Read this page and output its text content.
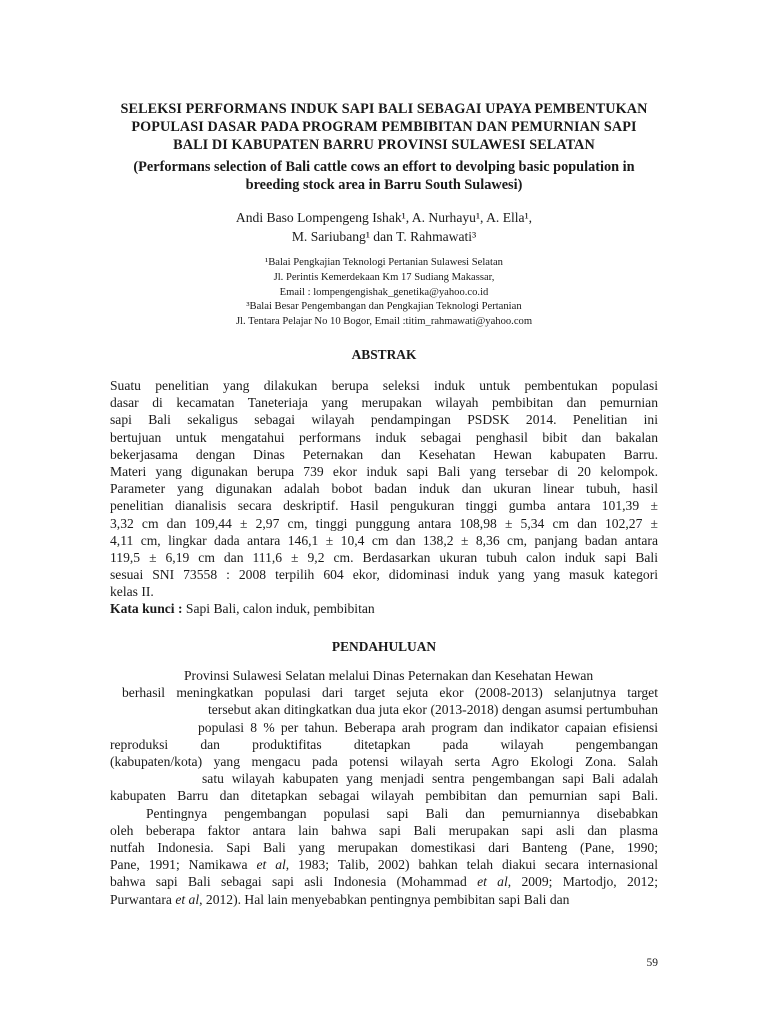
SELEKSI PERFORMANS INDUK SAPI BALI SEBAGAI UPAYA PEMBENTUKAN
POPULASI DASAR PADA PROGRAM PEMBIBITAN DAN PEMURNIAN SAPI
BALI DI KABUPATEN BARRU PROVINSI SULAWESI SELATAN
(Performans selection of Bali cattle cows an effort to devolping basic population in
breeding stock area in Barru South Sulawesi)
Andi Baso Lompengeng Ishak¹, A. Nurhayu¹, A. Ella¹,
M. Sariubang¹ dan T. Rahmawati³
¹Balai Pengkajian Teknologi Pertanian Sulawesi Selatan
Jl. Perintis Kemerdekaan Km 17 Sudiang Makassar,
Email : lompengengishak_genetika@yahoo.co.id
³Balai Besar Pengembangan dan Pengkajian Teknologi Pertanian
Jl. Tentara Pelajar No 10 Bogor, Email :titim_rahmawati@yahoo.com
ABSTRAK
Suatu penelitian yang dilakukan berupa seleksi induk untuk pembentukan populasi
dasar di kecamatan Taneteriaja yang merupakan wilayah pembibitan dan pemurnian
sapi Bali sekaligus sebagai wilayah pendampingan PSDSK 2014. Penelitian ini
bertujuan untuk mengatahui performans induk sebagai penghasil bibit dan bakalan
bekerjasama dengan Dinas Peternakan dan Kesehatan Hewan kabupaten Barru.
Materi yang digunakan berupa 739 ekor induk sapi Bali yang tersebar di 20 kelompok.
Parameter yang digunakan adalah bobot badan induk dan ukuran linear tubuh, hasil
penelitian dianalisis secara deskriptif. Hasil pengukuran tinggi gumba antara 101,39 ±
3,32 cm dan 109,44 ± 2,97 cm, tinggi punggung antara 108,98 ± 5,34 cm dan 102,27 ±
4,11 cm, lingkar dada antara 146,1 ± 10,4 cm dan 138,2 ± 8,36 cm, panjang badan antara
119,5 ± 6,19 cm dan 111,6 ± 9,2 cm. Berdasarkan ukuran tubuh calon induk sapi Bali
sesuai SNI 73558 : 2008 terpilih 604 ekor, didominasi induk yang yang masuk kategori
kelas II.

Kata kunci : Sapi Bali, calon induk, pembibitan

PENDAHULUAN
Provinsi Sulawesi Selatan melalui Dinas Peternakan dan Kesehatan Hewan
berhasil meningkatkan populasi dari target sejuta ekor (2008-2013) selanjutnya target
tersebut akan ditingkatkan dua juta ekor (2013-2018) dengan asumsi pertumbuhan
populasi 8 % per tahun. Beberapa arah program dan indikator capaian efisiensi
reproduksi dan produktifitas ditetapkan pada wilayah pengembangan
(kabupaten/kota) yang mengacu pada potensi wilayah serta Agro Ekologi Zona. Salah
satu wilayah kabupaten yang menjadi sentra pengembangan sapi Bali adalah
kabupaten Barru dan ditetapkan sebagai wilayah pembibitan dan pemurnian sapi Bali.
Pentingnya pengembangan populasi sapi Bali dan pemurniannya disebabkan
oleh beberapa faktor antara lain bahwa sapi Bali merupakan sapi asli dan plasma
nutfah Indonesia. Sapi Bali yang merupakan domestikasi dari Banteng (Pane, 1990;
Pane, 1991; Namikawa et al, 1983; Talib, 2002) bahkan telah diakui secara internasional
bahwa sapi Bali sebagai sapi asli Indonesia (Mohammad et al, 2009; Martodjo, 2012;
Purwantara et al, 2012). Hal lain menyebabkan pentingnya pembibitan sapi Bali dan
59
